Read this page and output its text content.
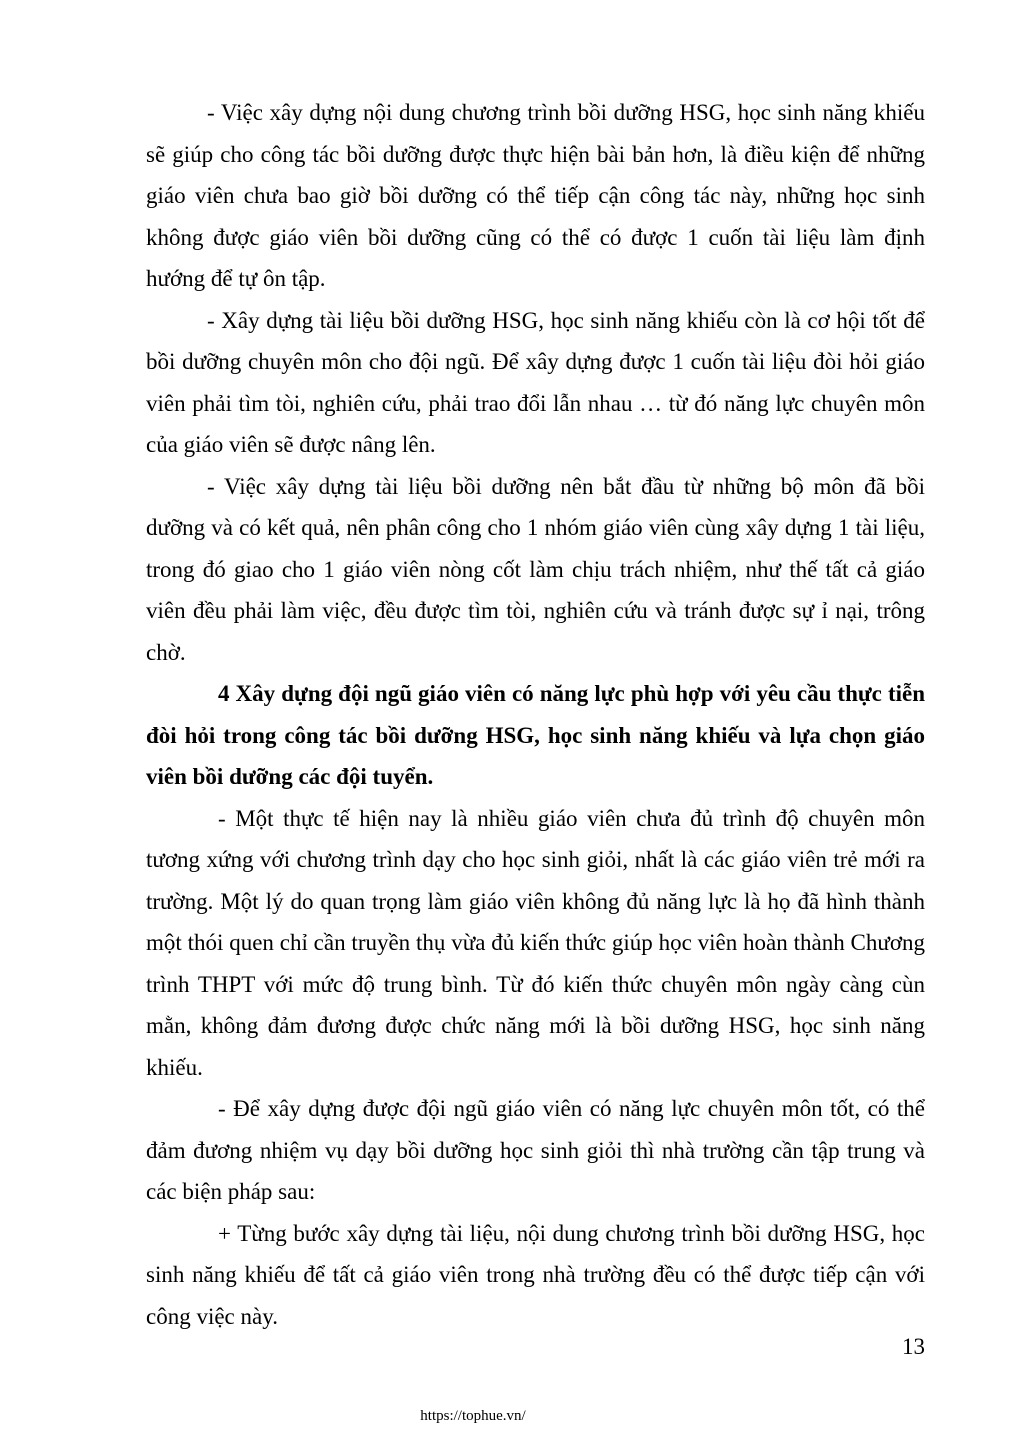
- Việc xây dựng nội dung chương trình bồi dưỡng HSG, học sinh năng khiếu sẽ giúp cho công tác bồi dưỡng được thực hiện bài bản hơn, là điều kiện để những giáo viên chưa bao giờ bồi dưỡng có thể tiếp cận công tác này, những học sinh không được giáo viên bồi dưỡng cũng có thể có được 1 cuốn tài liệu làm định hướng để tự ôn tập.

- Xây dựng tài liệu bồi dưỡng HSG, học sinh năng khiếu còn là cơ hội tốt để bồi dưỡng chuyên môn cho đội ngũ. Để xây dựng được 1 cuốn tài liệu đòi hỏi giáo viên phải tìm tòi, nghiên cứu, phải trao đổi lẫn nhau … từ đó năng lực chuyên môn của giáo viên sẽ được nâng lên.

- Việc xây dựng tài liệu bồi dưỡng nên bắt đầu từ những bộ môn đã bồi dưỡng và có kết quả, nên phân công cho 1 nhóm giáo viên cùng xây dựng 1 tài liệu, trong đó giao cho 1 giáo viên nòng cốt làm chịu trách nhiệm, như thế tất cả giáo viên đều phải làm việc, đều được tìm tòi, nghiên cứu và tránh được sự ỉ nại, trông chờ.

4 Xây dựng đội ngũ giáo viên có năng lực phù hợp với yêu cầu thực tiễn đòi hỏi trong công tác bồi dưỡng HSG, học sinh năng khiếu và lựa chọn giáo viên bồi dưỡng các đội tuyển.

- Một thực tế hiện nay là nhiều giáo viên chưa đủ trình độ chuyên môn tương xứng với chương trình dạy cho học sinh giỏi, nhất là các giáo viên trẻ mới ra trường. Một lý do quan trọng làm giáo viên không đủ năng lực là họ đã hình thành một thói quen chỉ cần truyền thụ vừa đủ kiến thức giúp học viên hoàn thành Chương trình THPT với mức độ trung bình. Từ đó kiến thức chuyên môn ngày càng cùn mằn, không đảm đương được chức năng mới là bồi dưỡng HSG, học sinh năng khiếu.

- Để xây dựng được đội ngũ giáo viên có năng lực chuyên môn tốt, có thể đảm đương nhiệm vụ dạy bồi dưỡng học sinh giỏi thì nhà trường cần tập trung và các biện pháp sau:

+ Từng bước xây dựng tài liệu, nội dung chương trình bồi dưỡng HSG, học sinh năng khiếu để tất cả giáo viên trong nhà trường đều có thể được tiếp cận với công việc này.

13
https://tophue.vn/
